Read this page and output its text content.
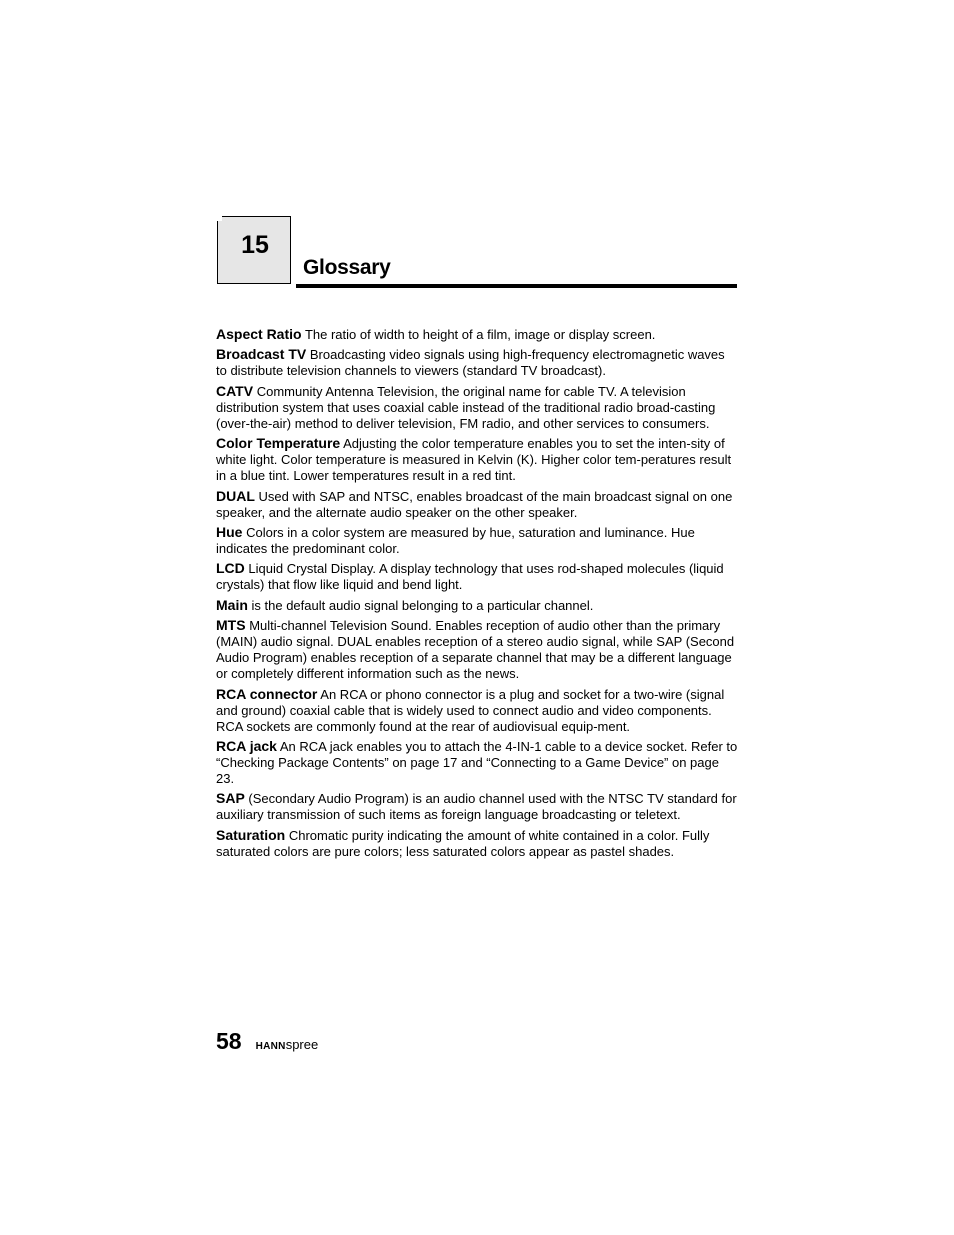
15
Glossary
Aspect Ratio The ratio of width to height of a film, image or display screen.
Broadcast TV Broadcasting video signals using high-frequency electromagnetic waves to distribute television channels to viewers (standard TV broadcast).
CATV Community Antenna Television, the original name for cable TV. A television distribution system that uses coaxial cable instead of the traditional radio broad-casting (over-the-air) method to deliver television, FM radio, and other services to consumers.
Color Temperature Adjusting the color temperature enables you to set the inten-sity of white light. Color temperature is measured in Kelvin (K). Higher color tem-peratures result in a blue tint. Lower temperatures result in a red tint.
DUAL Used with SAP and NTSC, enables broadcast of the main broadcast signal on one speaker, and the alternate audio speaker on the other speaker.
Hue Colors in a color system are measured by hue, saturation and luminance. Hue indicates the predominant color.
LCD Liquid Crystal Display. A display technology that uses rod-shaped molecules (liquid crystals) that flow like liquid and bend light.
Main is the default audio signal belonging to a particular channel.
MTS Multi-channel Television Sound. Enables reception of audio other than the primary (MAIN) audio signal. DUAL enables reception of a stereo audio signal, while SAP (Second Audio Program) enables reception of a separate channel that may be a different language or completely different information such as the news.
RCA connector An RCA or phono connector is a plug and socket for a two-wire (signal and ground) coaxial cable that is widely used to connect audio and video components. RCA sockets are commonly found at the rear of audiovisual equip-ment.
RCA jack An RCA jack enables you to attach the 4-IN-1 cable to a device socket. Refer to “Checking Package Contents” on page 17 and “Connecting to a Game Device” on page 23.
SAP (Secondary Audio Program) is an audio channel used with the NTSC TV standard for auxiliary transmission of such items as foreign language broadcasting or teletext.
Saturation Chromatic purity indicating the amount of white contained in a color. Fully saturated colors are pure colors; less saturated colors appear as pastel shades.
58 HANNspree
